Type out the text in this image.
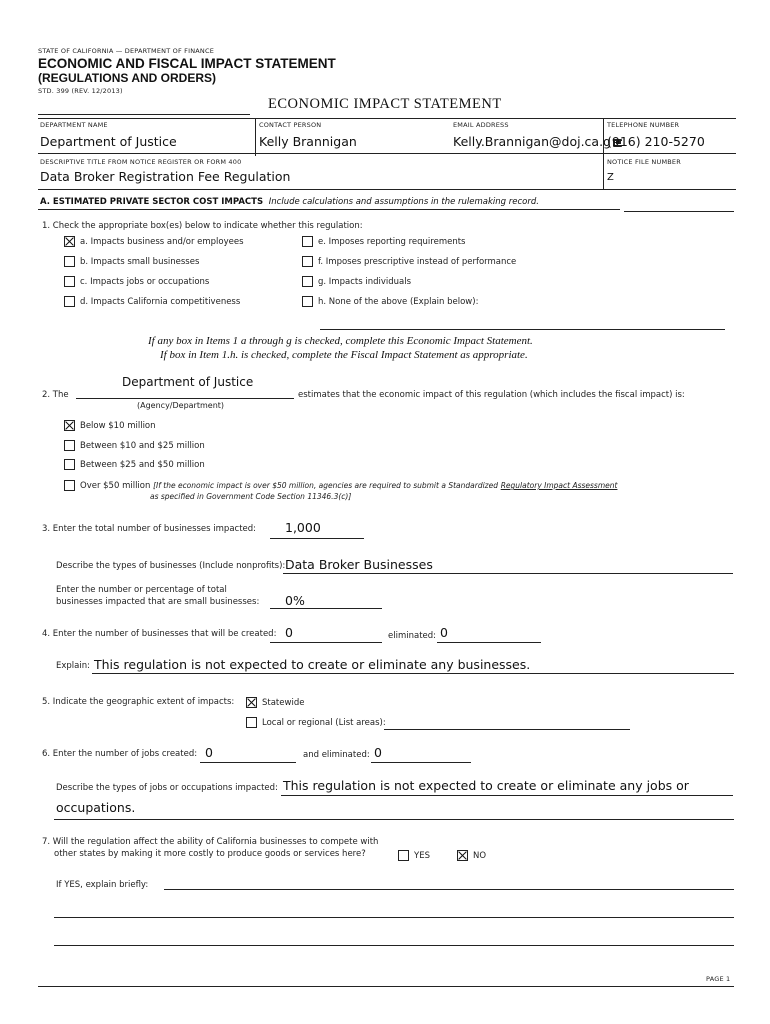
STATE OF CALIFORNIA — DEPARTMENT OF FINANCE
ECONOMIC AND FISCAL IMPACT STATEMENT
(REGULATIONS AND ORDERS)
STD. 399 (REV. 12/2013)
ECONOMIC IMPACT STATEMENT
DEPARTMENT NAME
Department of Justice
CONTACT PERSON
Kelly Brannigan
EMAIL ADDRESS
Kelly.Brannigan@doj.ca.g
TELEPHONE NUMBER
(916) 210-5270
DESCRIPTIVE TITLE FROM NOTICE REGISTER OR FORM 400
Data Broker Registration Fee Regulation
NOTICE FILE NUMBER
Z
A. ESTIMATED PRIVATE SECTOR COST IMPACTS Include calculations and assumptions in the rulemaking record.
1. Check the appropriate box(es) below to indicate whether this regulation:
a. Impacts business and/or employees
b. Impacts small businesses
c. Impacts jobs or occupations
d. Impacts California competitiveness
e. Imposes reporting requirements
f. Imposes prescriptive instead of performance
g. Impacts individuals
h. None of the above (Explain below):
If any box in Items 1 a through g is checked, complete this Economic Impact Statement.
If box in Item 1.h. is checked, complete the Fiscal Impact Statement as appropriate.
2. The
Department of Justice
(Agency/Department)
estimates that the economic impact of this regulation (which includes the fiscal impact) is:
Below $10 million
Between $10 and $25 million
Between $25 and $50 million
Over $50 million [If the economic impact is over $50 million, agencies are required to submit a Standardized Regulatory Impact Assessment
as specified in Government Code Section 11346.3(c)]
3. Enter the total number of businesses impacted: 1,000
Describe the types of businesses (Include nonprofits): Data Broker Businesses
Enter the number or percentage of total
businesses impacted that are small businesses: 0%
4. Enter the number of businesses that will be created: 0	eliminated: 0
Explain: This regulation is not expected to create or eliminate any businesses.
5. Indicate the geographic extent of impacts:	Statewide
Local or regional (List areas):
6. Enter the number of jobs created: 0	and eliminated: 0
Describe the types of jobs or occupations impacted: This regulation is not expected to create or eliminate any jobs or
occupations.
7. Will the regulation affect the ability of California businesses to compete with
other states by making it more costly to produce goods or services here?	YES	NO
If YES, explain briefly:
PAGE 1
